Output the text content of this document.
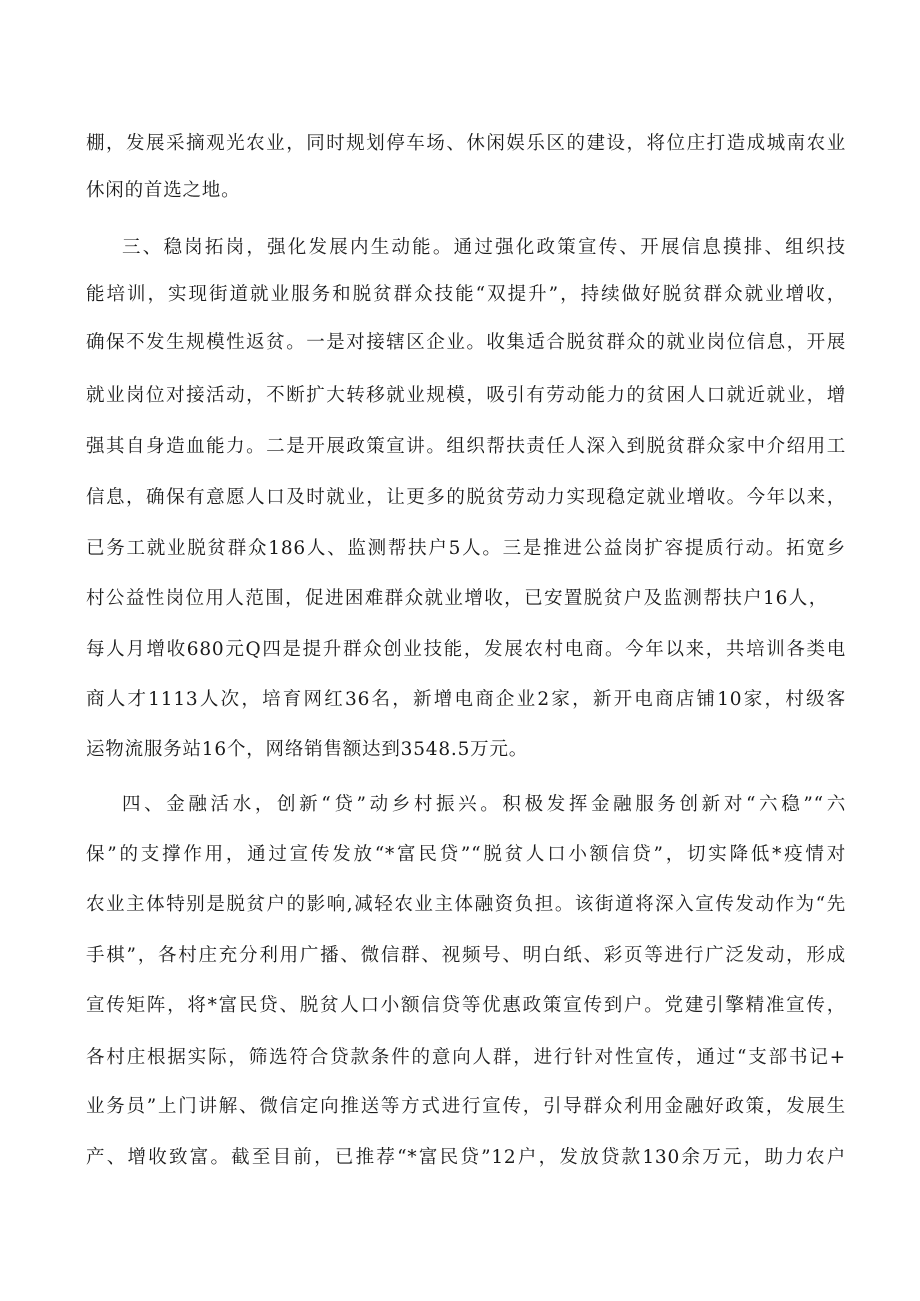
棚，发展采摘观光农业，同时规划停车场、休闲娱乐区的建设，将位庄打造成城南农业
休闲的首选之地。
三、稳岗拓岗，强化发展内生动能。通过强化政策宣传、开展信息摸排、组织技
能培训，实现街道就业服务和脱贫群众技能“双提升”，持续做好脱贫群众就业增收，
确保不发生规模性返贫。一是对接辖区企业。收集适合脱贫群众的就业岗位信息，开展
就业岗位对接活动，不断扩大转移就业规模，吸引有劳动能力的贫困人口就近就业，增
强其自身造血能力。二是开展政策宣讲。组织帮扶责任人深入到脱贫群众家中介绍用工
信息，确保有意愿人口及时就业，让更多的脱贫劳动力实现稳定就业增收。今年以来，
已务工就业脱贫群众186人、监测帮扶户5人。三是推进公益岗扩容提质行动。拓宽乡
村公益性岗位用人范围，促进困难群众就业增收，已安置脱贫户及监测帮扶户16人，
每人月增收680元Q四是提升群众创业技能，发展农村电商。今年以来，共培训各类电
商人才1113人次，培育网红36名，新增电商企业2家，新开电商店铺10家，村级客
运物流服务站16个，网络销售额达到3548.5万元。
四、金融活水，创新“贷”动乡村振兴。积极发挥金融服务创新对“六稳”“六
保”的支撑作用，通过宣传发放“*富民贷”“脱贫人口小额信贷”，切实降低*疫情对
农业主体特别是脱贫户的影响,减轻农业主体融资负担。该街道将深入宣传发动作为“先
手棋”，各村庄充分利用广播、微信群、视频号、明白纸、彩页等进行广泛发动，形成
宣传矩阵，将*富民贷、脱贫人口小额信贷等优惠政策宣传到户。党建引擎精准宣传，
各村庄根据实际，筛选符合贷款条件的意向人群，进行针对性宣传，通过“支部书记+
业务员”上门讲解、微信定向推送等方式进行宣传，引导群众利用金融好政策，发展生
产、增收致富。截至目前，已推荐“*富民贷”12户，发放贷款130余万元，助力农户
